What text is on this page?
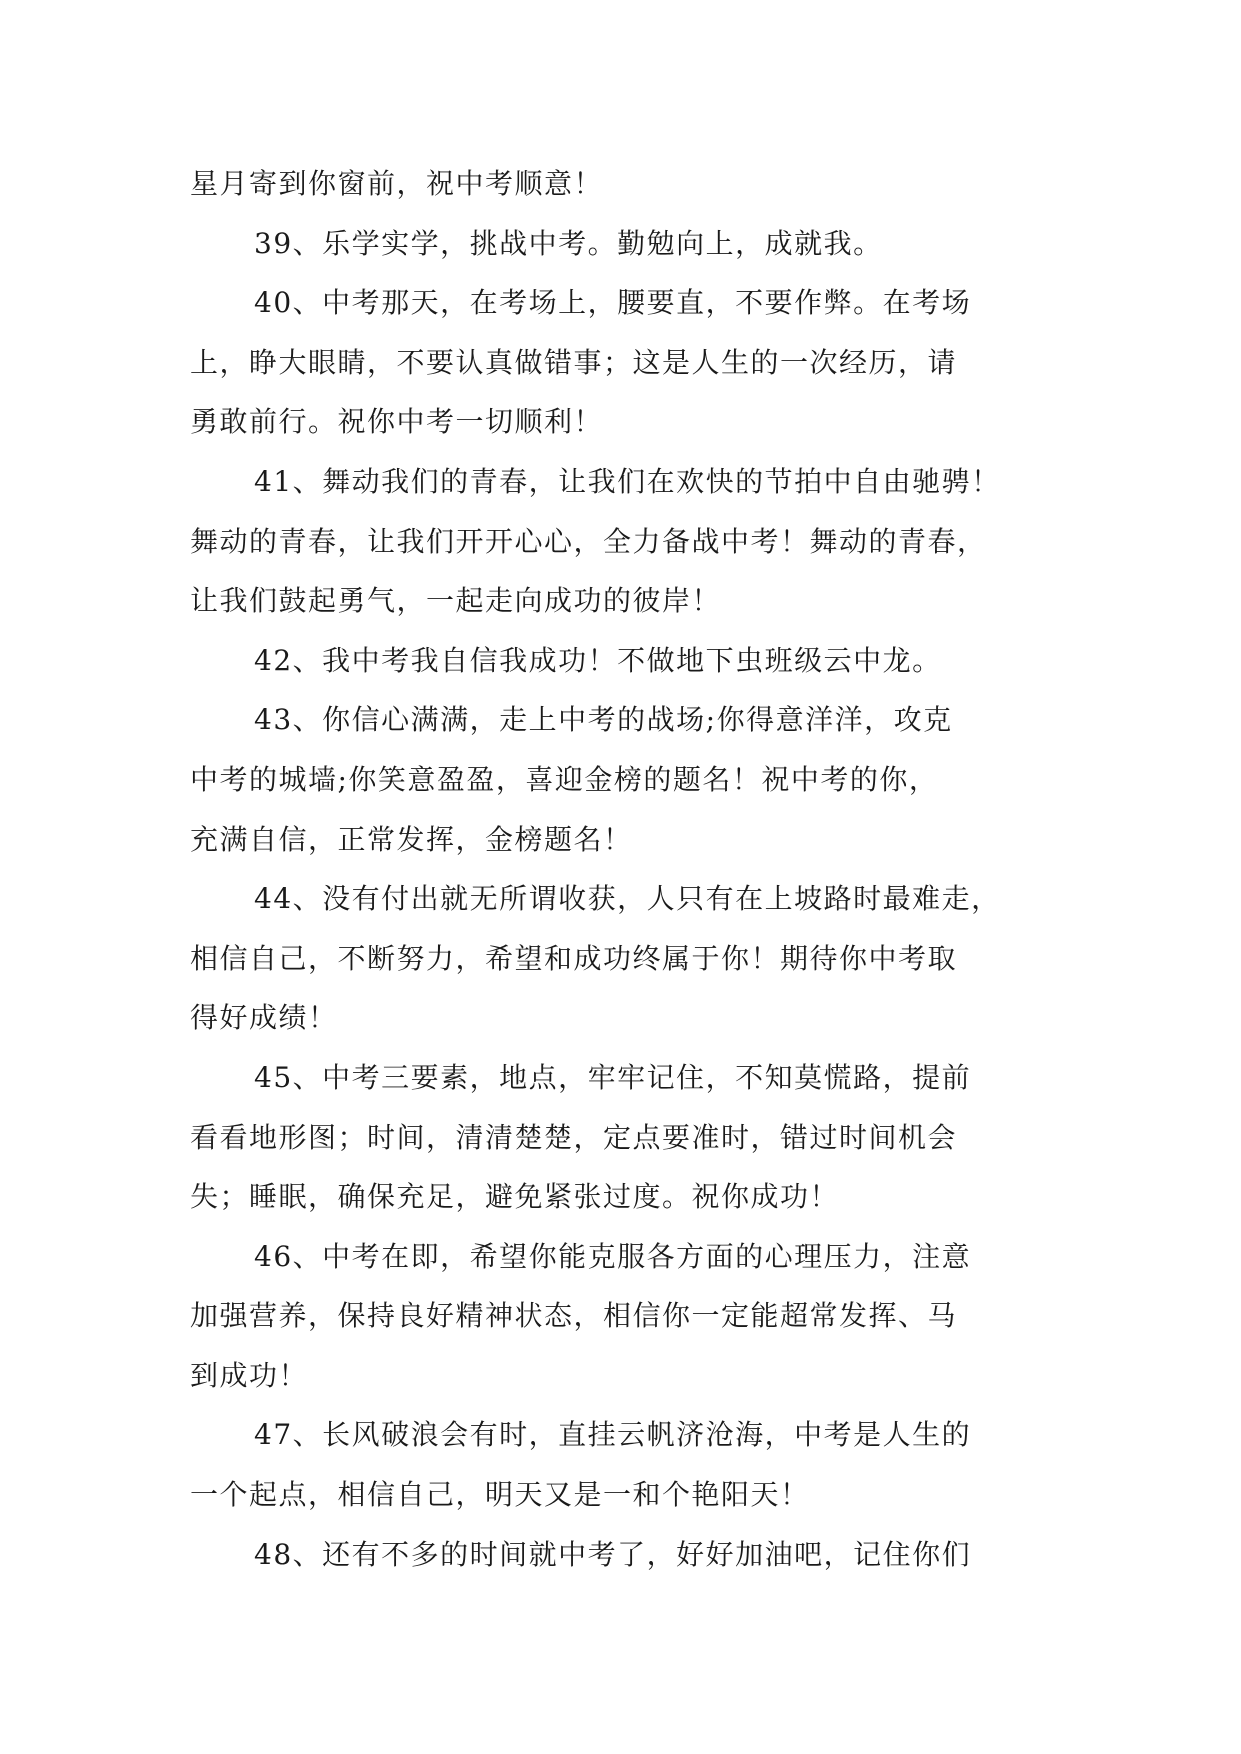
星月寄到你窗前，祝中考顺意！
39、乐学实学，挑战中考。勤勉向上，成就我。
40、中考那天，在考场上，腰要直，不要作弊。在考场
上，睁大眼睛，不要认真做错事；这是人生的一次经历，请
勇敢前行。祝你中考一切顺利！
41、舞动我们的青春，让我们在欢快的节拍中自由驰骋！
舞动的青春，让我们开开心心，全力备战中考！舞动的青春，
让我们鼓起勇气，一起走向成功的彼岸！
42、我中考我自信我成功！不做地下虫班级云中龙。
43、你信心满满，走上中考的战场;你得意洋洋，攻克
中考的城墙;你笑意盈盈，喜迎金榜的题名！祝中考的你，
充满自信，正常发挥，金榜题名！
44、没有付出就无所谓收获，人只有在上坡路时最难走，
相信自己，不断努力，希望和成功终属于你！期待你中考取
得好成绩！
45、中考三要素，地点，牢牢记住，不知莫慌路，提前
看看地形图；时间，清清楚楚，定点要准时，错过时间机会
失；睡眠，确保充足，避免紧张过度。祝你成功！
46、中考在即，希望你能克服各方面的心理压力，注意
加强营养，保持良好精神状态，相信你一定能超常发挥、马
到成功！
47、长风破浪会有时，直挂云帆济沧海，中考是人生的
一个起点，相信自己，明天又是一和个艳阳天！
48、还有不多的时间就中考了，好好加油吧，记住你们
